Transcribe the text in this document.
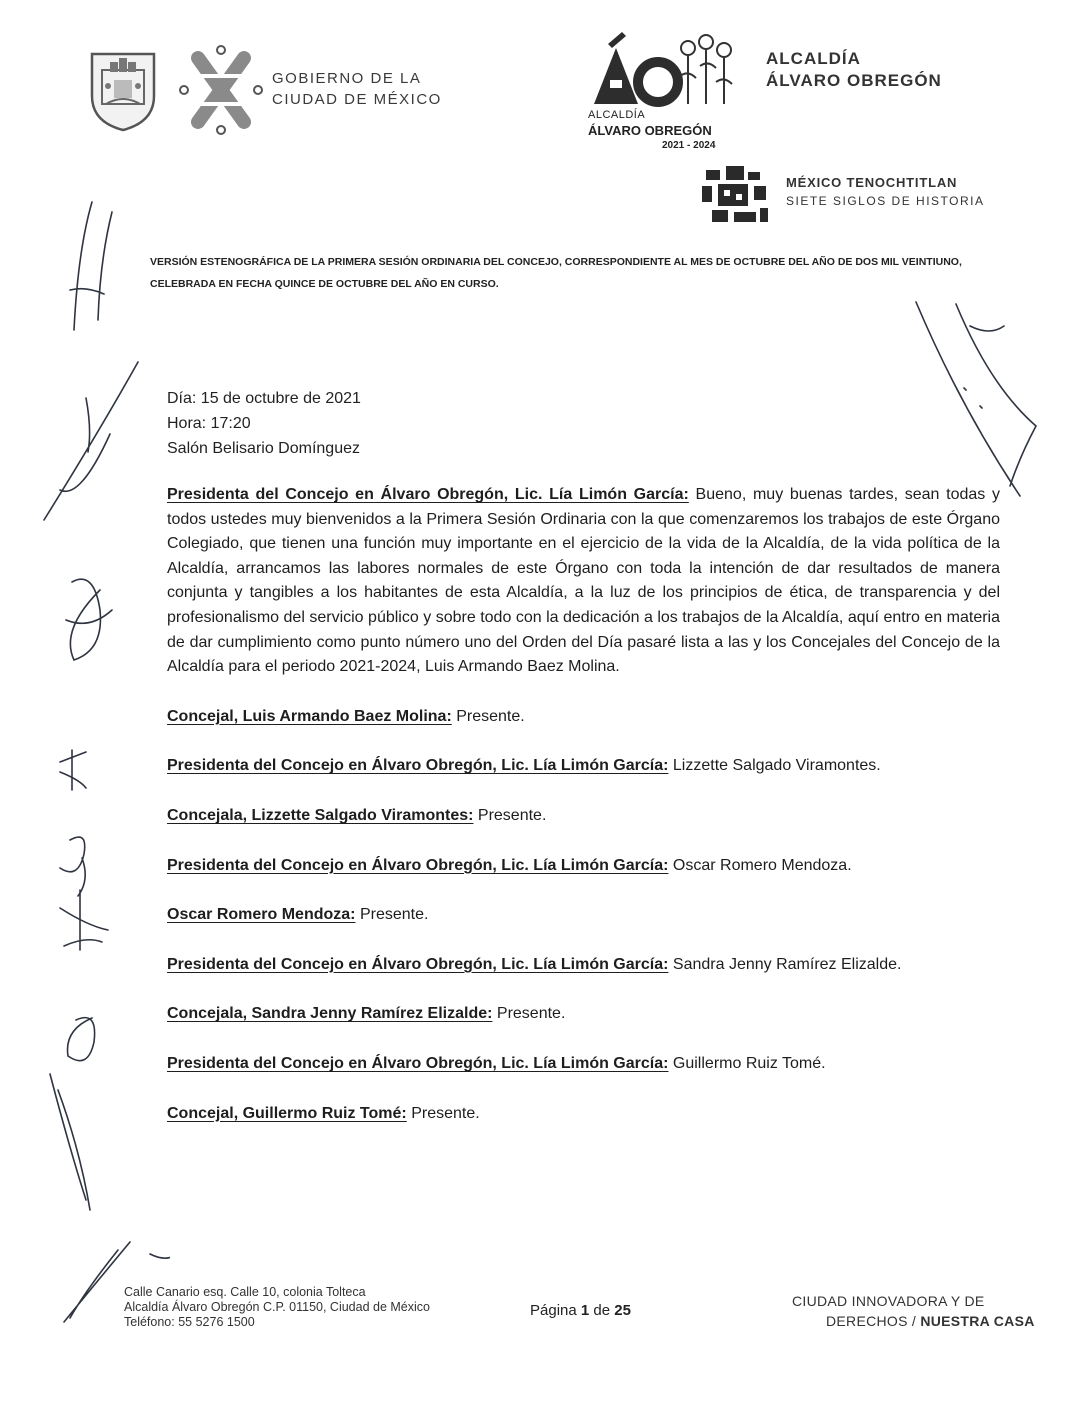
GOBIERNO DE LA
CIUDAD DE MÉXICO
ALCALDÍA
ÁLVARO OBREGÓN
2021 - 2024
ALCALDÍA
ÁLVARO OBREGÓN
MÉXICO TENOCHTITLAN
SIETE SIGLOS DE HISTORIA
VERSIÓN ESTENOGRÁFICA DE LA PRIMERA SESIÓN ORDINARIA DEL CONCEJO, CORRESPONDIENTE AL MES DE OCTUBRE DEL AÑO DE DOS MIL VEINTIUNO, CELEBRADA EN FECHA QUINCE DE OCTUBRE DEL AÑO EN CURSO.
Día: 15 de octubre de 2021
Hora: 17:20
Salón Belisario Domínguez

Presidenta del Concejo en Álvaro Obregón, Lic. Lía Limón García: Bueno, muy buenas tardes, sean todas y todos ustedes muy bienvenidos a la Primera Sesión Ordinaria con la que comenzaremos los trabajos de este Órgano Colegiado, que tienen una función muy importante en el ejercicio de la vida de la Alcaldía, de la vida política de la Alcaldía, arrancamos las labores normales de este Órgano con toda la intención de dar resultados de manera conjunta y tangibles a los habitantes de esta Alcaldía, a la luz de los principios de ética, de transparencia y del profesionalismo del servicio público y sobre todo con la dedicación a los trabajos de la Alcaldía, aquí entro en materia de dar cumplimiento como punto número uno del Orden del Día pasaré lista a las y los Concejales del Concejo de la Alcaldía para el periodo 2021-2024, Luis Armando Baez Molina.

Concejal, Luis Armando Baez Molina: Presente.

Presidenta del Concejo en Álvaro Obregón, Lic. Lía Limón García: Lizzette Salgado Viramontes.

Concejala, Lizzette Salgado Viramontes: Presente.

Presidenta del Concejo en Álvaro Obregón, Lic. Lía Limón García: Oscar Romero Mendoza.

Oscar Romero Mendoza: Presente.

Presidenta del Concejo en Álvaro Obregón, Lic. Lía Limón García: Sandra Jenny Ramírez Elizalde.

Concejala, Sandra Jenny Ramírez Elizalde: Presente.

Presidenta del Concejo en Álvaro Obregón, Lic. Lía Limón García: Guillermo Ruiz Tomé.

Concejal, Guillermo Ruiz Tomé: Presente.

Calle Canario esq. Calle 10, colonia Tolteca
Alcaldía Álvaro Obregón C.P. 01150, Ciudad de México
Teléfono: 55 5276 1500
Página 1 de 25
CIUDAD INNOVADORA Y DE
DERECHOS / NUESTRA CASA
